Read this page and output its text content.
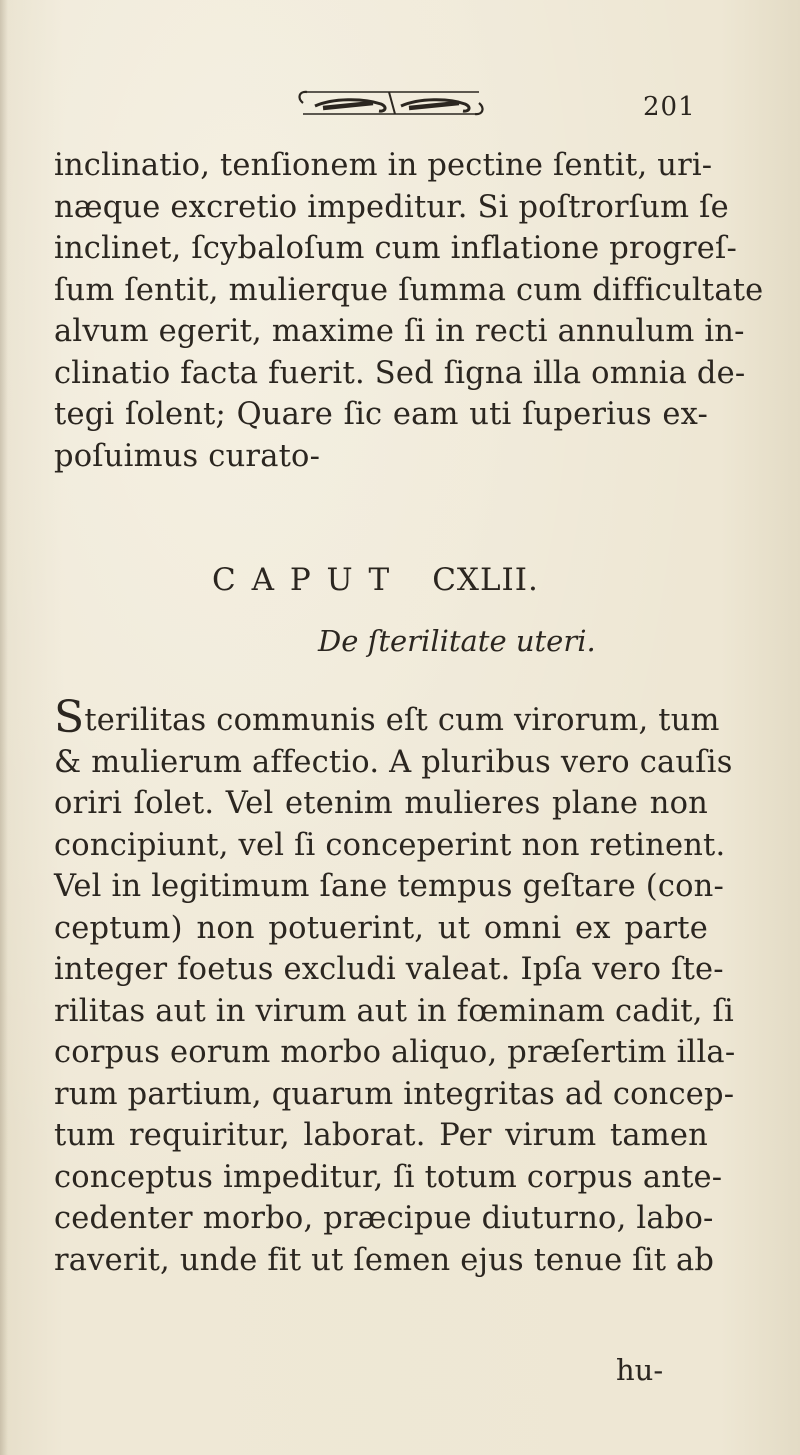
201
inclinatio, tenſionem in pectine ſentit, uri-
næque excretio impeditur. Si poſtrorſum ſe
inclinet, ſcybaloſum cum inflatione progreſ-
ſum ſentit, mulierque ſumma cum difficultate
alvum egerit, maxime ſi in recti annulum in-
clinatio facta fuerit. Sed ſigna illa omnia de-
tegi ſolent; Quare ſic eam uti ſuperius ex-
poſuimus curato-
C A P U T CXLII.
De ſterilitate uteri.
Sterilitas communis eſt cum virorum, tum
& mulierum affectio. A pluribus vero cauſis
oriri ſolet. Vel etenim mulieres plane non
concipiunt, vel ſi conceperint non retinent.
Vel in legitimum ſane tempus geſtare (con-
ceptum) non potuerint, ut omni ex parte
integer foetus excludi valeat. Ipſa vero ſte-
rilitas aut in virum aut in fœminam cadit, ſi
corpus eorum morbo aliquo, præſertim illa-
rum partium, quarum integritas ad concep-
tum requiritur, laborat. Per virum tamen
conceptus impeditur, ſi totum corpus ante-
cedenter morbo, præcipue diuturno, labo-
raverit, unde fit ut ſemen ejus tenue ſit ab
hu-
